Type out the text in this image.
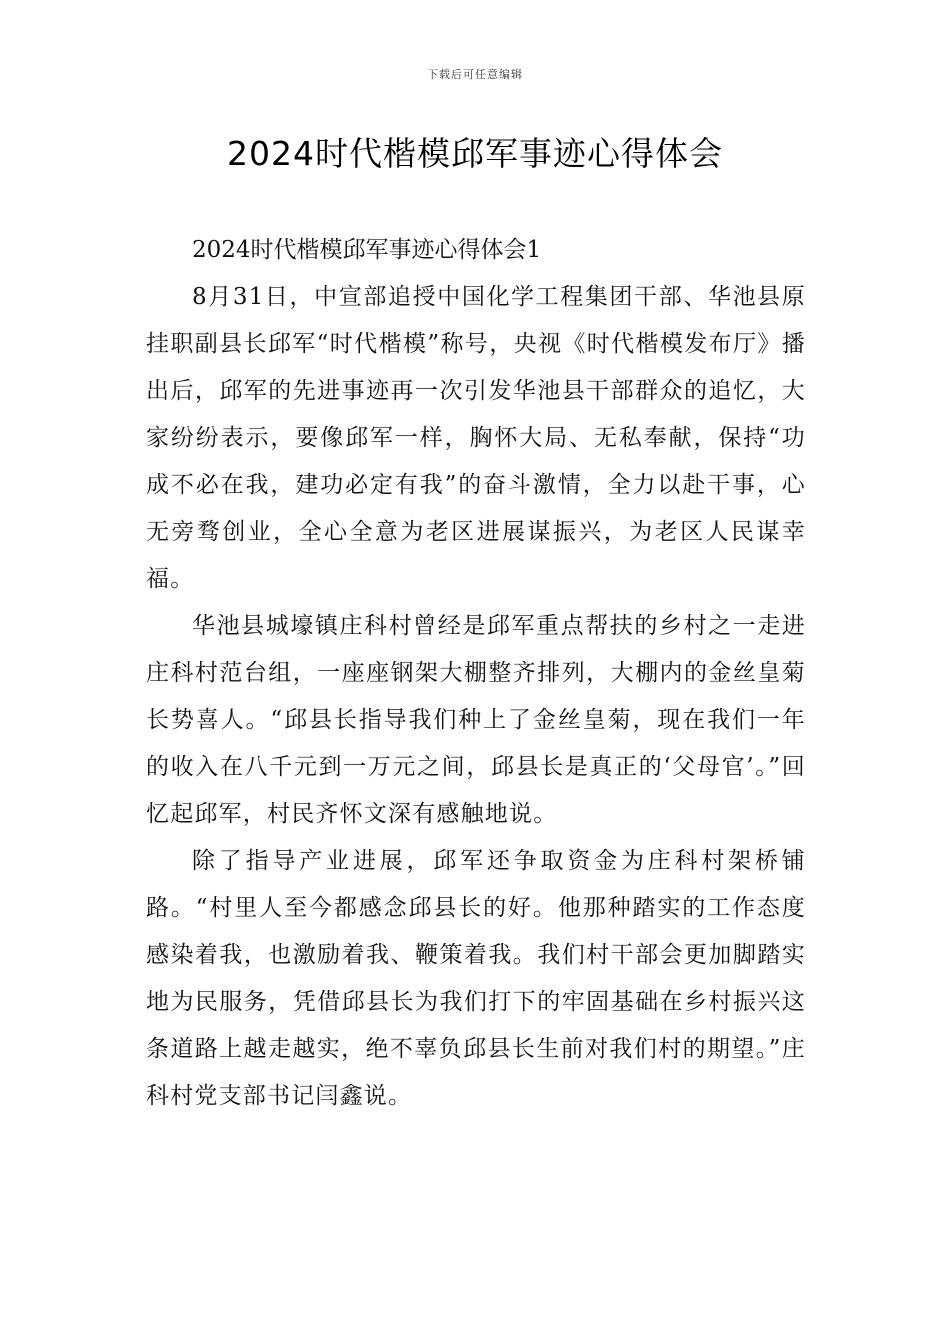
下载后可任意编辑
2024时代楷模邱军事迹心得体会

2024时代楷模邱军事迹心得体会1

8月31日，中宣部追授中国化学工程集团干部、华池县原挂职副县长邱军“时代楷模”称号，央视《时代楷模发布厅》播出后，邱军的先进事迹再一次引发华池县干部群众的追忆，大家纷纷表示，要像邱军一样，胸怀大局、无私奉献，保持“功成不必在我，建功必定有我”的奋斗激情，全力以赴干事，心无旁骛创业，全心全意为老区进展谋振兴，为老区人民谋幸福。

华池县城壕镇庄科村曾经是邱军重点帮扶的乡村之一走进庄科村范台组，一座座钢架大棚整齐排列，大棚内的金丝皇菊长势喜人。“邱县长指导我们种上了金丝皇菊，现在我们一年的收入在八千元到一万元之间，邱县长是真正的‘父母官’。”回忆起邱军，村民齐怀文深有感触地说。

除了指导产业进展，邱军还争取资金为庄科村架桥铺路。“村里人至今都感念邱县长的好。他那种踏实的工作态度感染着我，也激励着我、鞭策着我。我们村干部会更加脚踏实地为民服务，凭借邱县长为我们打下的牢固基础在乡村振兴这条道路上越走越实，绝不辜负邱县长生前对我们村的期望。”庄科村党支部书记闫鑫说。
